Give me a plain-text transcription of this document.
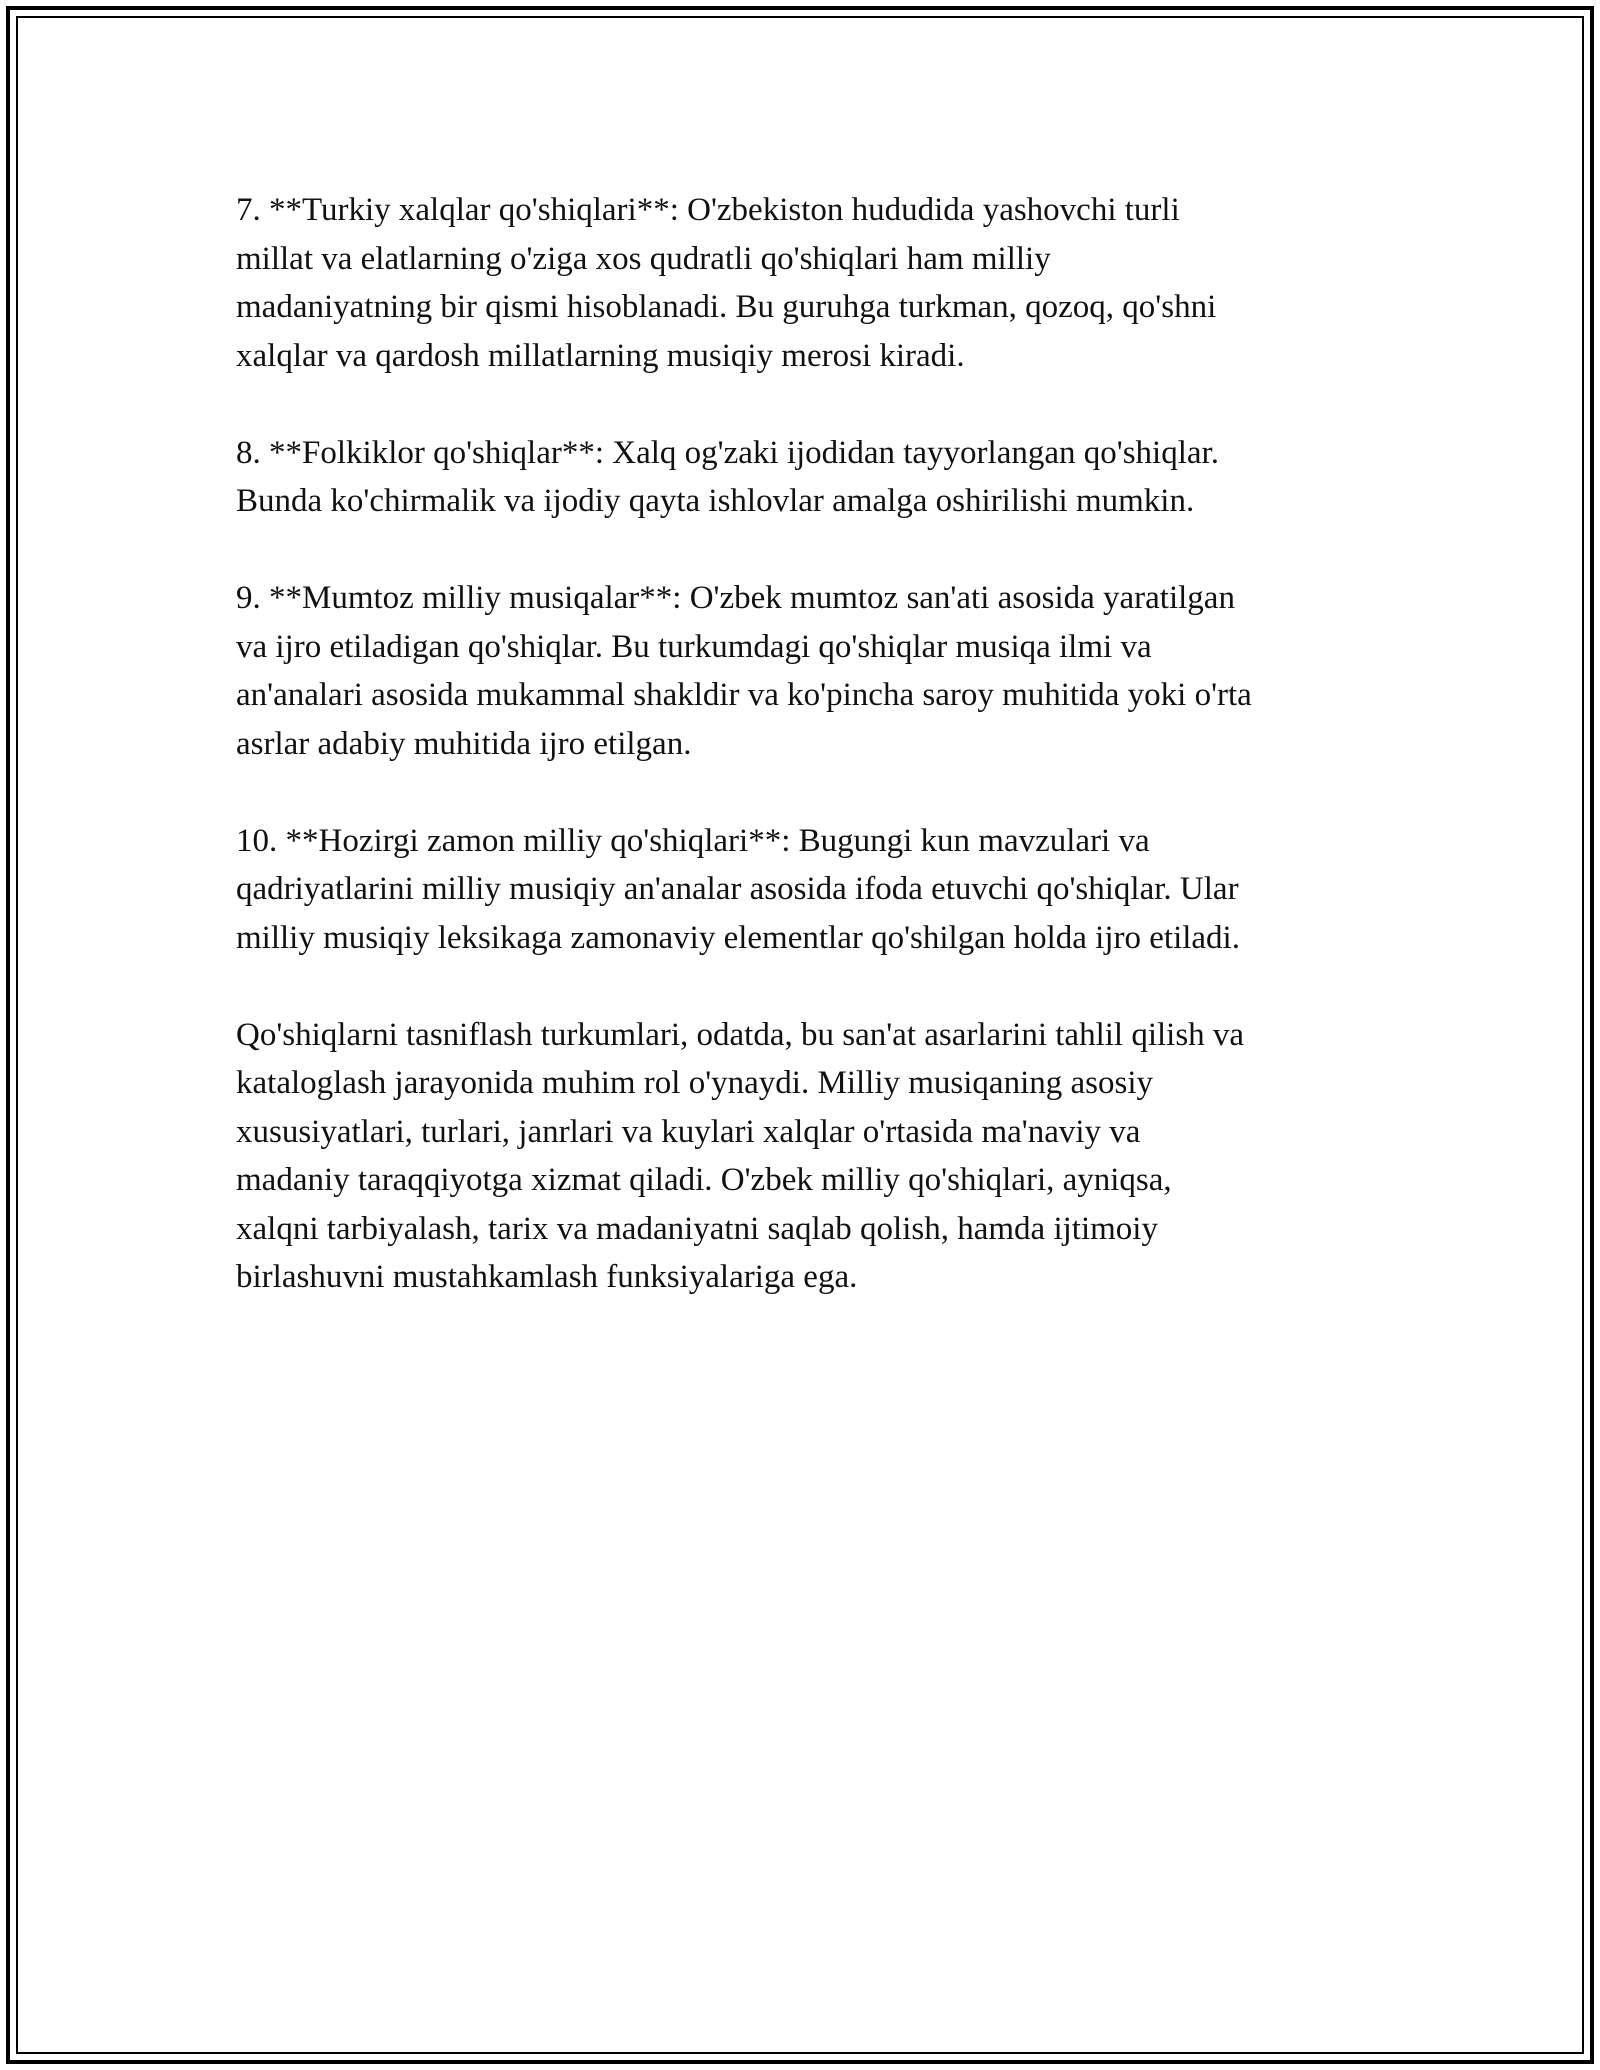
7. **Turkiy xalqlar qo'shiqlari**: O'zbekiston hududida yashovchi turli
millat va elatlarning o'ziga xos qudratli qo'shiqlari ham milliy
madaniyatning bir qismi hisoblanadi. Bu guruhga turkman, qozoq, qo'shni
xalqlar va qardosh millatlarning musiqiy merosi kiradi.

8. **Folkiklor qo'shiqlar**: Xalq og'zaki ijodidan tayyorlangan qo'shiqlar.
Bunda ko'chirmalik va ijodiy qayta ishlovlar amalga oshirilishi mumkin.

9. **Mumtoz milliy musiqalar**: O'zbek mumtoz san'ati asosida yaratilgan
va ijro etiladigan qo'shiqlar. Bu turkumdagi qo'shiqlar musiqa ilmi va
an'analari asosida mukammal shakldir va ko'pincha saroy muhitida yoki o'rta
asrlar adabiy muhitida ijro etilgan.

10. **Hozirgi zamon milliy qo'shiqlari**: Bugungi kun mavzulari va
qadriyatlarini milliy musiqiy an'analar asosida ifoda etuvchi qo'shiqlar. Ular
milliy musiqiy leksikaga zamonaviy elementlar qo'shilgan holda ijro etiladi.

Qo'shiqlarni tasniflash turkumlari, odatda, bu san'at asarlarini tahlil qilish va
kataloglash jarayonida muhim rol o'ynaydi. Milliy musiqaning asosiy
xususiyatlari, turlari, janrlari va kuylari xalqlar o'rtasida ma'naviy va
madaniy taraqqiyotga xizmat qiladi. O'zbek milliy qo'shiqlari, ayniqsa,
xalqni tarbiyalash, tarix va madaniyatni saqlab qolish, hamda ijtimoiy
birlashuvni mustahkamlash funksiyalariga ega.
